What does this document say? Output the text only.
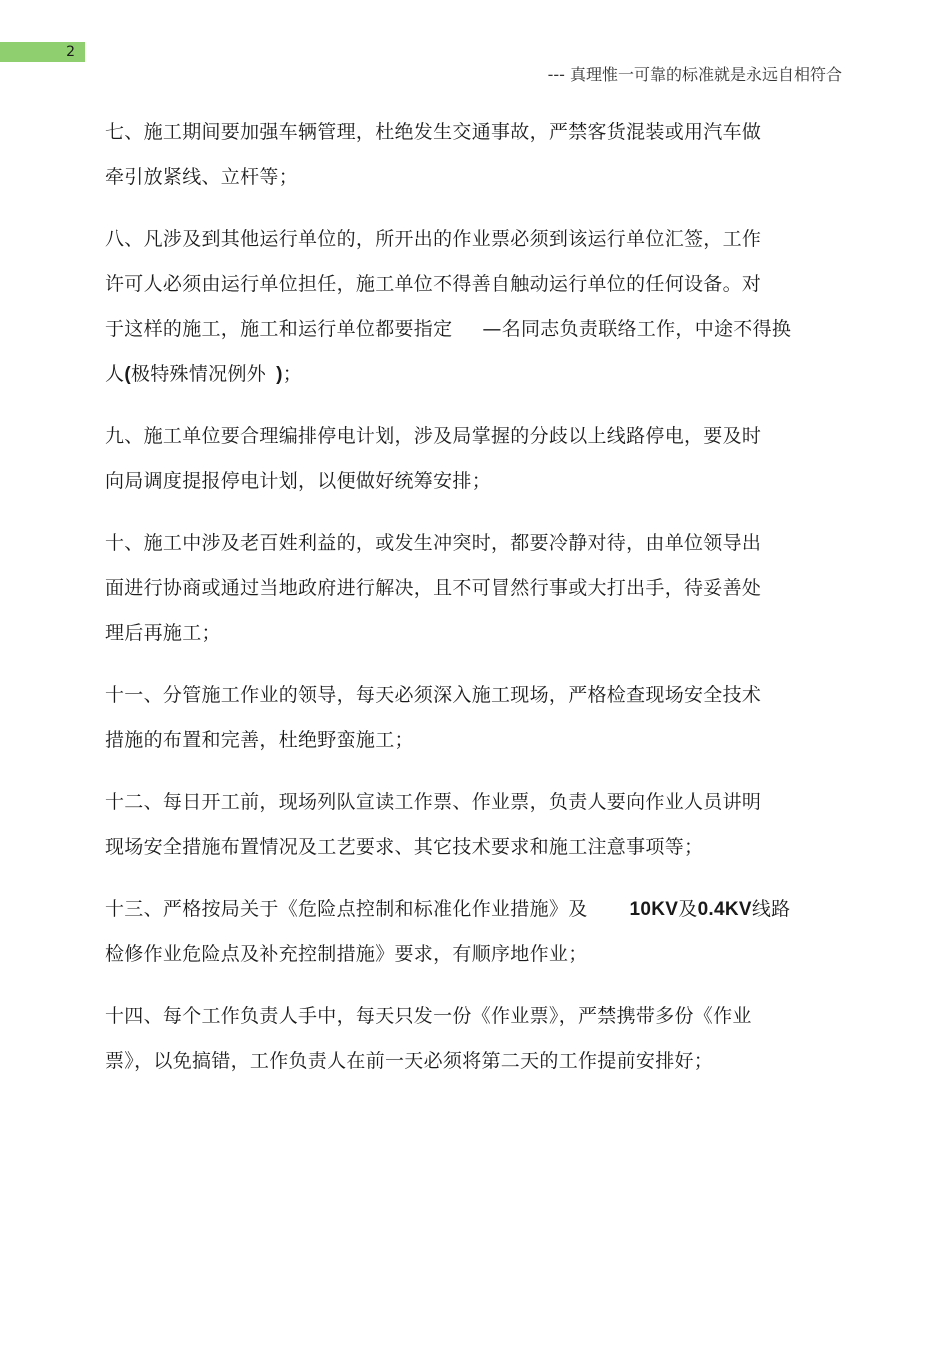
2
--- 真理惟一可靠的标准就是永远自相符合

七、施工期间要加强车辆管理，杜绝发生交通事故，严禁客货混装或用汽车做
牵引放紧线、立杆等；

八、凡涉及到其他运行单位的，所开出的作业票必须到该运行单位汇签，工作
许可人必须由运行单位担任，施工单位不得善自触动运行单位的任何设备。对
于这样的施工，施工和运行单位都要指定 —名同志负责联络工作，中途不得换
人(极特殊情况例外 )；

九、施工单位要合理编排停电计划，涉及局掌握的分歧以上线路停电，要及时
向局调度提报停电计划，以便做好统筹安排；

十、施工中涉及老百姓利益的，或发生冲突时，都要冷静对待，由单位领导出
面进行协商或通过当地政府进行解决，且不可冒然行事或大打出手，待妥善处
理后再施工；

十一、分管施工作业的领导，每天必须深入施工现场，严格检查现场安全技术
措施的布置和完善，杜绝野蛮施工；

十二、每日开工前，现场列队宣读工作票、作业票，负责人要向作业人员讲明
现场安全措施布置情况及工艺要求、其它技术要求和施工注意事项等；

十三、严格按局关于《危险点控制和标准化作业措施》及 10KV及0.4KV线路
检修作业危险点及补充控制措施》要求，有顺序地作业；

十四、每个工作负责人手中，每天只发一份《作业票》，严禁携带多份《作业
票》，以免搞错，工作负责人在前一天必须将第二天的工作提前安排好；
